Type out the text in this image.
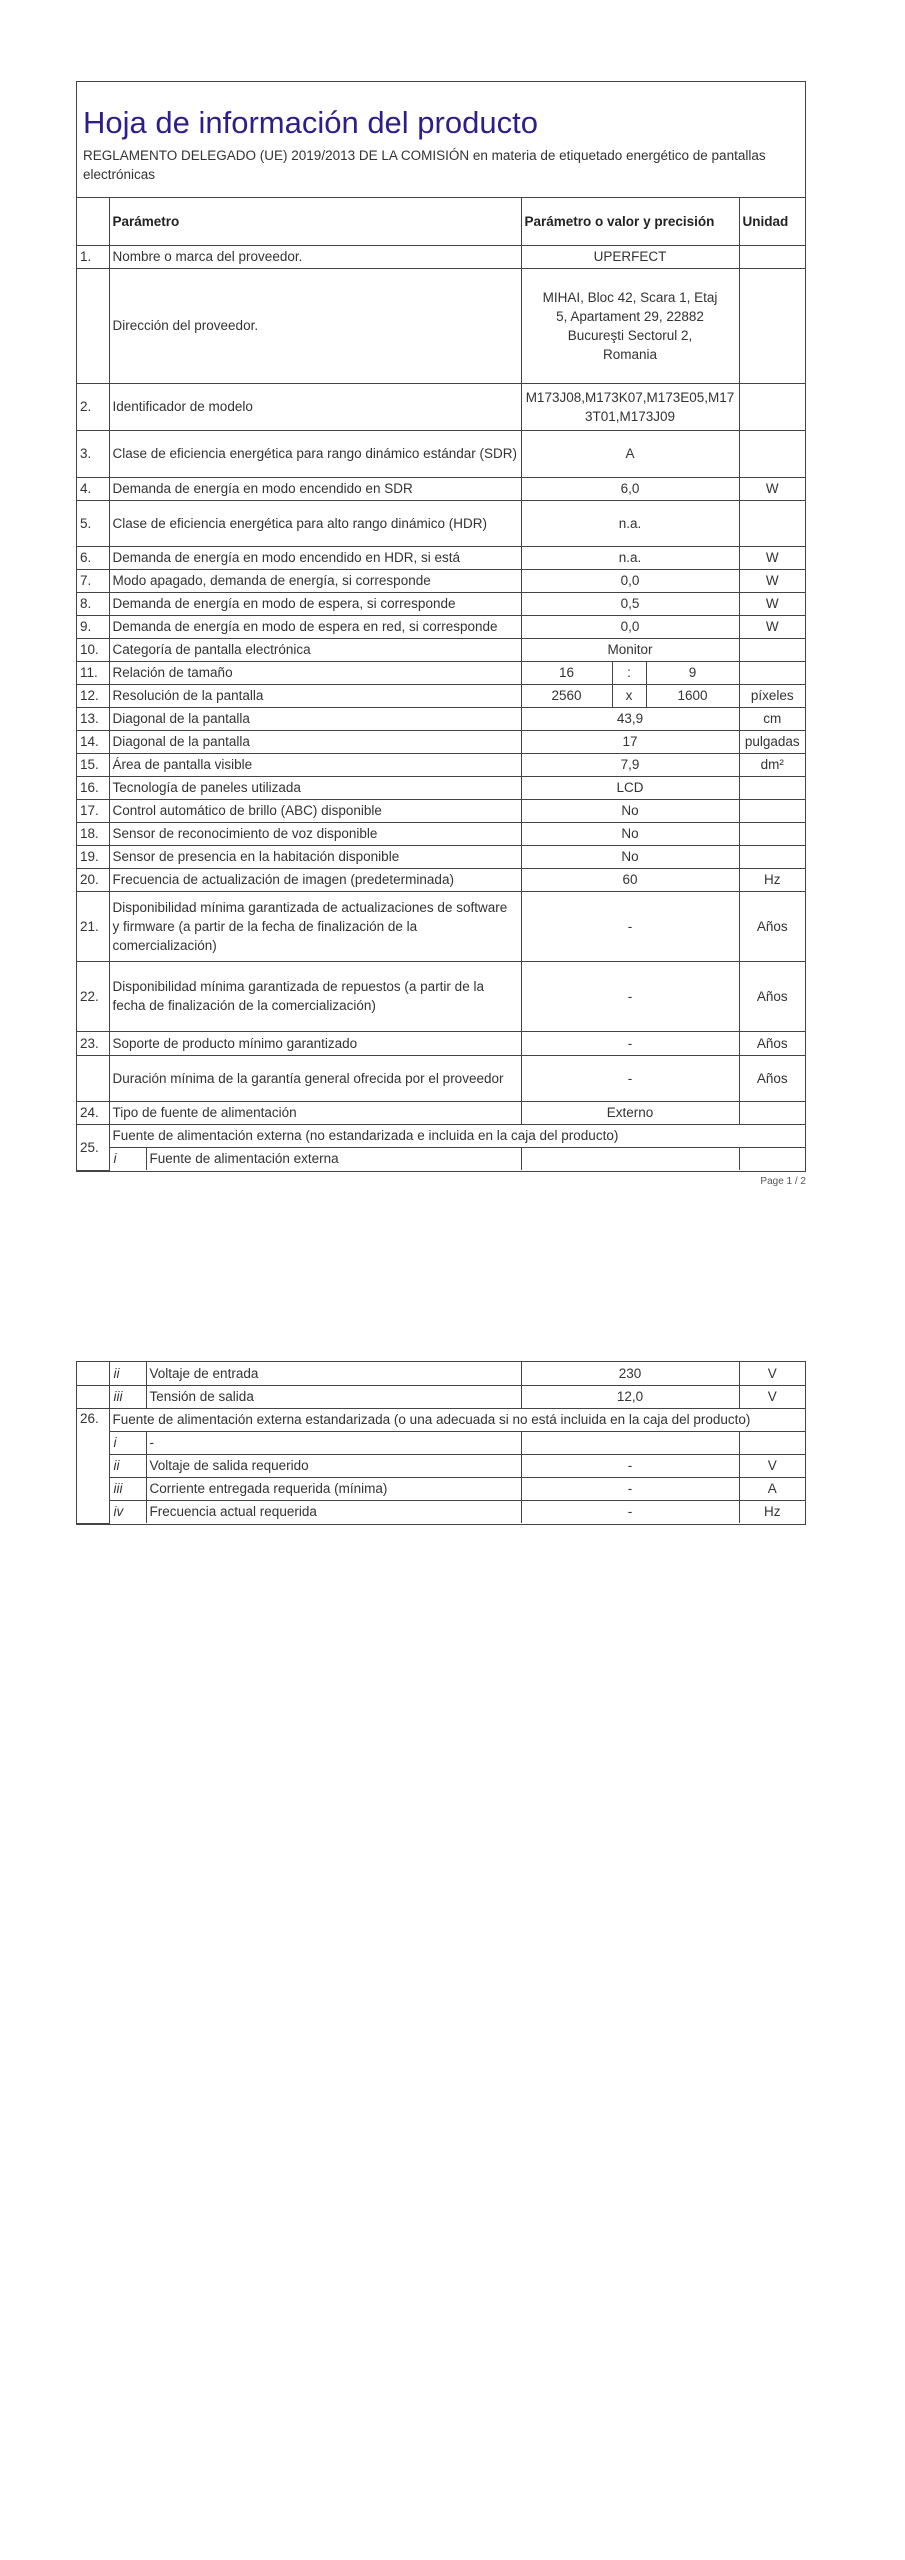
Hoja de información del producto
REGLAMENTO DELEGADO (UE) 2019/2013 DE LA COMISIÓN en materia de etiquetado energético de pantallas electrónicas
	Parámetro		Parámetro o valor y precisión			Unidad
1.	Nombre o marca del proveedor.		UPERFECT			
	Dirección del proveedor.		MIHAI, Bloc 42, Scara 1, Etaj 5, Apartament 29, 22882 Bucureşti Sectorul 2, Romania			
2.	Identificador de modelo		M173J08,M173K07,M173E05,M173T01,M173J09			
3.	Clase de eficiencia energética para rango dinámico estándar (SDR)		A			
4.	Demanda de energía en modo encendido en SDR		6,0			W
5.	Clase de eficiencia energética para alto rango dinámico (HDR)		n.a.			
6.	Demanda de energía en modo encendido en HDR, si está		n.a.			W
7.	Modo apagado, demanda de energía, si corresponde		0,0			W
8.	Demanda de energía en modo de espera, si corresponde		0,5			W
9.	Demanda de energía en modo de espera en red, si corresponde		0,0			W
10.	Categoría de pantalla electrónica		Monitor			
11.	Relación de tamaño		16	:	9	
12.	Resolución de la pantalla		2560	x	1600	píxeles
13.	Diagonal de la pantalla		43,9			cm
14.	Diagonal de la pantalla		17			pulgadas
15.	Área de pantalla visible		7,9			dm²
16.	Tecnología de paneles utilizada		LCD			
17.	Control automático de brillo (ABC) disponible		No			
18.	Sensor de reconocimiento de voz disponible		No			
19.	Sensor de presencia en la habitación disponible		No			
20.	Frecuencia de actualización de imagen (predeterminada)		60			Hz
21.	Disponibilidad mínima garantizada de actualizaciones de software y firmware (a partir de la fecha de finalización de la comercialización)		-			Años
22.	Disponibilidad mínima garantizada de repuestos (a partir de la fecha de finalización de la comercialización)		-			Años
23.	Soporte de producto mínimo garantizado		-			Años
	Duración mínima de la garantía general ofrecida por el proveedor		-			Años
24.	Tipo de fuente de alimentación		Externo			
25.	Fuente de alimentación externa (no estandarizada e incluida en la caja del producto)					
	i	Fuente de alimentación externa				
Page 1 / 2
	ii	Voltaje de entrada	230	V
	iii	Tensión de salida	12,0	V
26.	Fuente de alimentación externa estandarizada (o una adecuada si no está incluida en la caja del producto)			
	i	-		
	ii	Voltaje de salida requerido	-	V
	iii	Corriente entregada requerida (mínima)	-	A
	iv	Frecuencia actual requerida	-	Hz
